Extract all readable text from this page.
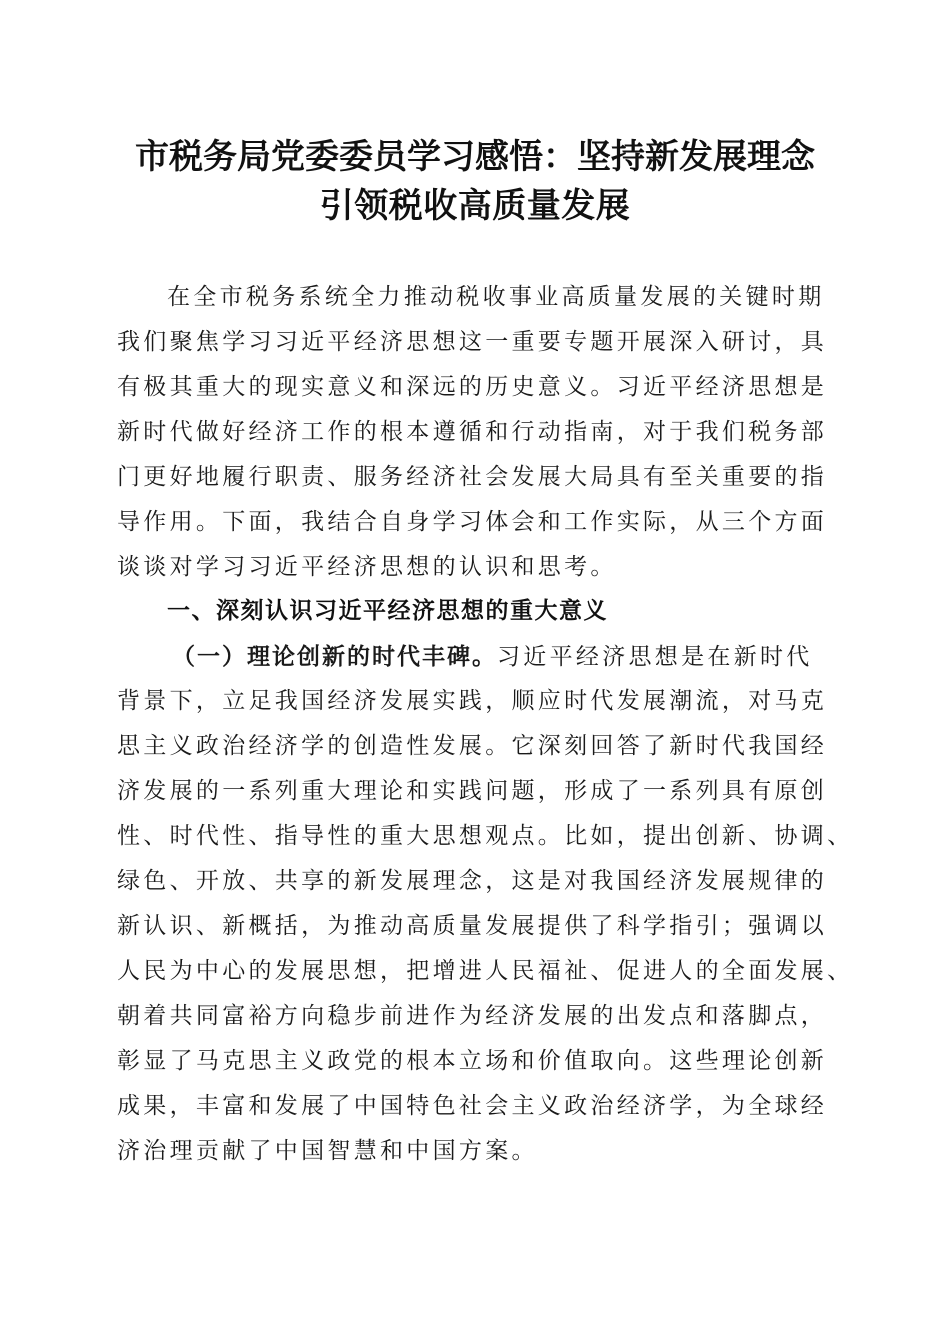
市税务局党委委员学习感悟：坚持新发展理念
引领税收高质量发展
在全市税务系统全力推动税收事业高质量发展的关键时期
我们聚焦学习习近平经济思想这一重要专题开展深入研讨，具
有极其重大的现实意义和深远的历史意义。习近平经济思想是
新时代做好经济工作的根本遵循和行动指南，对于我们税务部
门更好地履行职责、服务经济社会发展大局具有至关重要的指
导作用。下面，我结合自身学习体会和工作实际，从三个方面
谈谈对学习习近平经济思想的认识和思考。
一、深刻认识习近平经济思想的重大意义
（一）理论创新的时代丰碑。习近平经济思想是在新时代
背景下，立足我国经济发展实践，顺应时代发展潮流，对马克
思主义政治经济学的创造性发展。它深刻回答了新时代我国经
济发展的一系列重大理论和实践问题，形成了一系列具有原创
性、时代性、指导性的重大思想观点。比如，提出创新、协调、
绿色、开放、共享的新发展理念，这是对我国经济发展规律的
新认识、新概括，为推动高质量发展提供了科学指引；强调以
人民为中心的发展思想，把增进人民福祉、促进人的全面发展、
朝着共同富裕方向稳步前进作为经济发展的出发点和落脚点，
彰显了马克思主义政党的根本立场和价值取向。这些理论创新
成果，丰富和发展了中国特色社会主义政治经济学，为全球经
济治理贡献了中国智慧和中国方案。
